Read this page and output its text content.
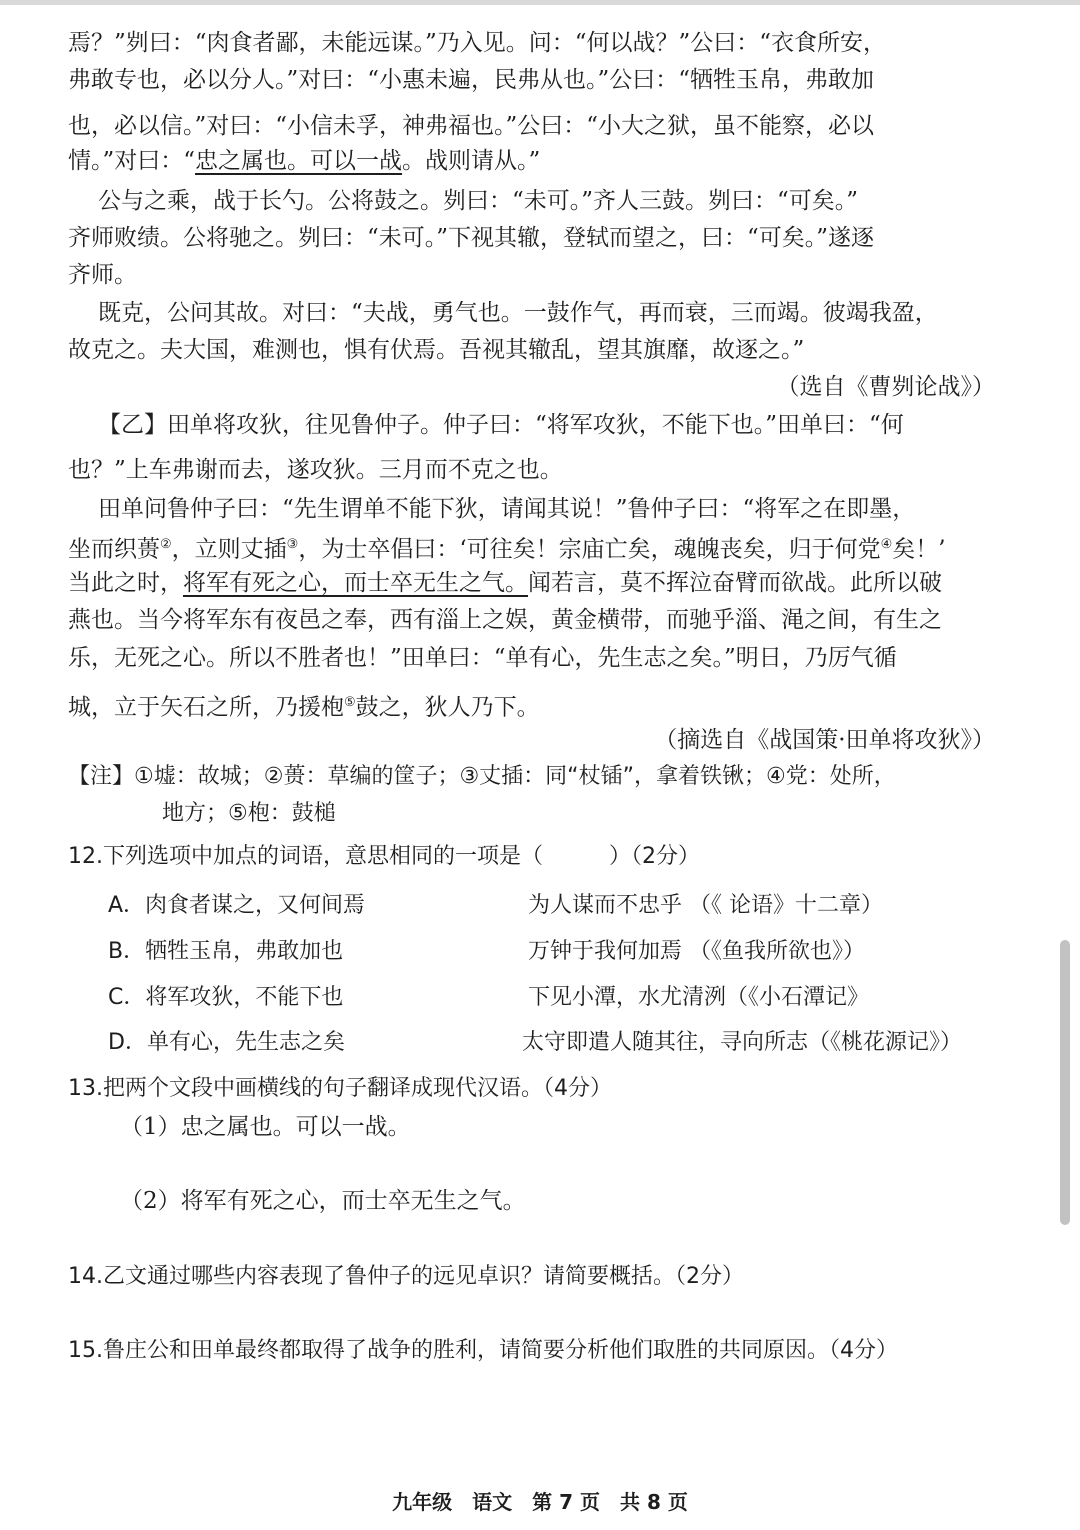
焉？”刿曰：“肉食者鄙，未能远谋。”乃入见。问：“何以战？”公曰：“衣食所安，
弗敢专也，必以分人。”对曰：“小惠未遍，民弗从也。”公曰：“牺牲玉帛，弗敢加
也，必以信。”对曰：“小信未孚，神弗福也。”公曰：“小大之狱，虽不能察，必以
情。”对曰：“忠之属也。可以一战。战则请从。”
公与之乘，战于长勺。公将鼓之。刿曰：“未可。”齐人三鼓。刿曰：“可矣。”
齐师败绩。公将驰之。刿曰：“未可。”下视其辙，登轼而望之，曰：“可矣。”遂逐
齐师。
既克，公问其故。对曰：“夫战，勇气也。一鼓作气，再而衰，三而竭。彼竭我盈，
故克之。夫大国，难测也，惧有伏焉。吾视其辙乱，望其旗靡，故逐之。”
（选自《曹刿论战》）
【乙】田单将攻狄，往见鲁仲子。仲子曰：“将军攻狄，不能下也。”田单曰：“何
也？”上车弗谢而去，遂攻狄。三月而不克之也。
田单问鲁仲子曰：“先生谓单不能下狄，请闻其说！”鲁仲子曰：“将军之在即墨，
坐而织蒉②，立则丈插③，为士卒倡曰：‘可往矣！宗庙亡矣，魂魄丧矣，归于何党④矣！’
当此之时，将军有死之心，而士卒无生之气。闻若言，莫不挥泣奋臂而欲战。此所以破
燕也。当今将军东有夜邑之奉，西有淄上之娱，黄金横带，而驰乎淄、渑之间，有生之
乐，无死之心。所以不胜者也！”田单曰：“单有心，先生志之矣。”明日，乃厉气循
城，立于矢石之所，乃援枹⑤鼓之，狄人乃下。
（摘选自《战国策·田单将攻狄》）
【注】①墟：故城；②蒉：草编的筐子；③丈插：同“杖锸”，拿着铁锹；④党：处所，
地方；⑤枹：鼓槌
12.下列选项中加点的词语，意思相同的一项是（　　　）（2分）
A．肉食者谋之，又何间焉	为人谋而不忠乎 （《 论语》十二章）
B．牺牲玉帛，弗敢加也	万钟于我何加焉 （《鱼我所欲也》）
C．将军攻狄，不能下也	下见小潭，水尤清洌（《小石潭记》
D．单有心，先生志之矣	太守即遣人随其往，寻向所志（《桃花源记》）
13.把两个文段中画横线的句子翻译成现代汉语。（4分）
（1）忠之属也。可以一战。
（2）将军有死之心，而士卒无生之气。
14.乙文通过哪些内容表现了鲁仲子的远见卓识？请简要概括。（2分）
15.鲁庄公和田单最终都取得了战争的胜利，请简要分析他们取胜的共同原因。（4分）
九年级　语文　第 7 页　共 8 页
